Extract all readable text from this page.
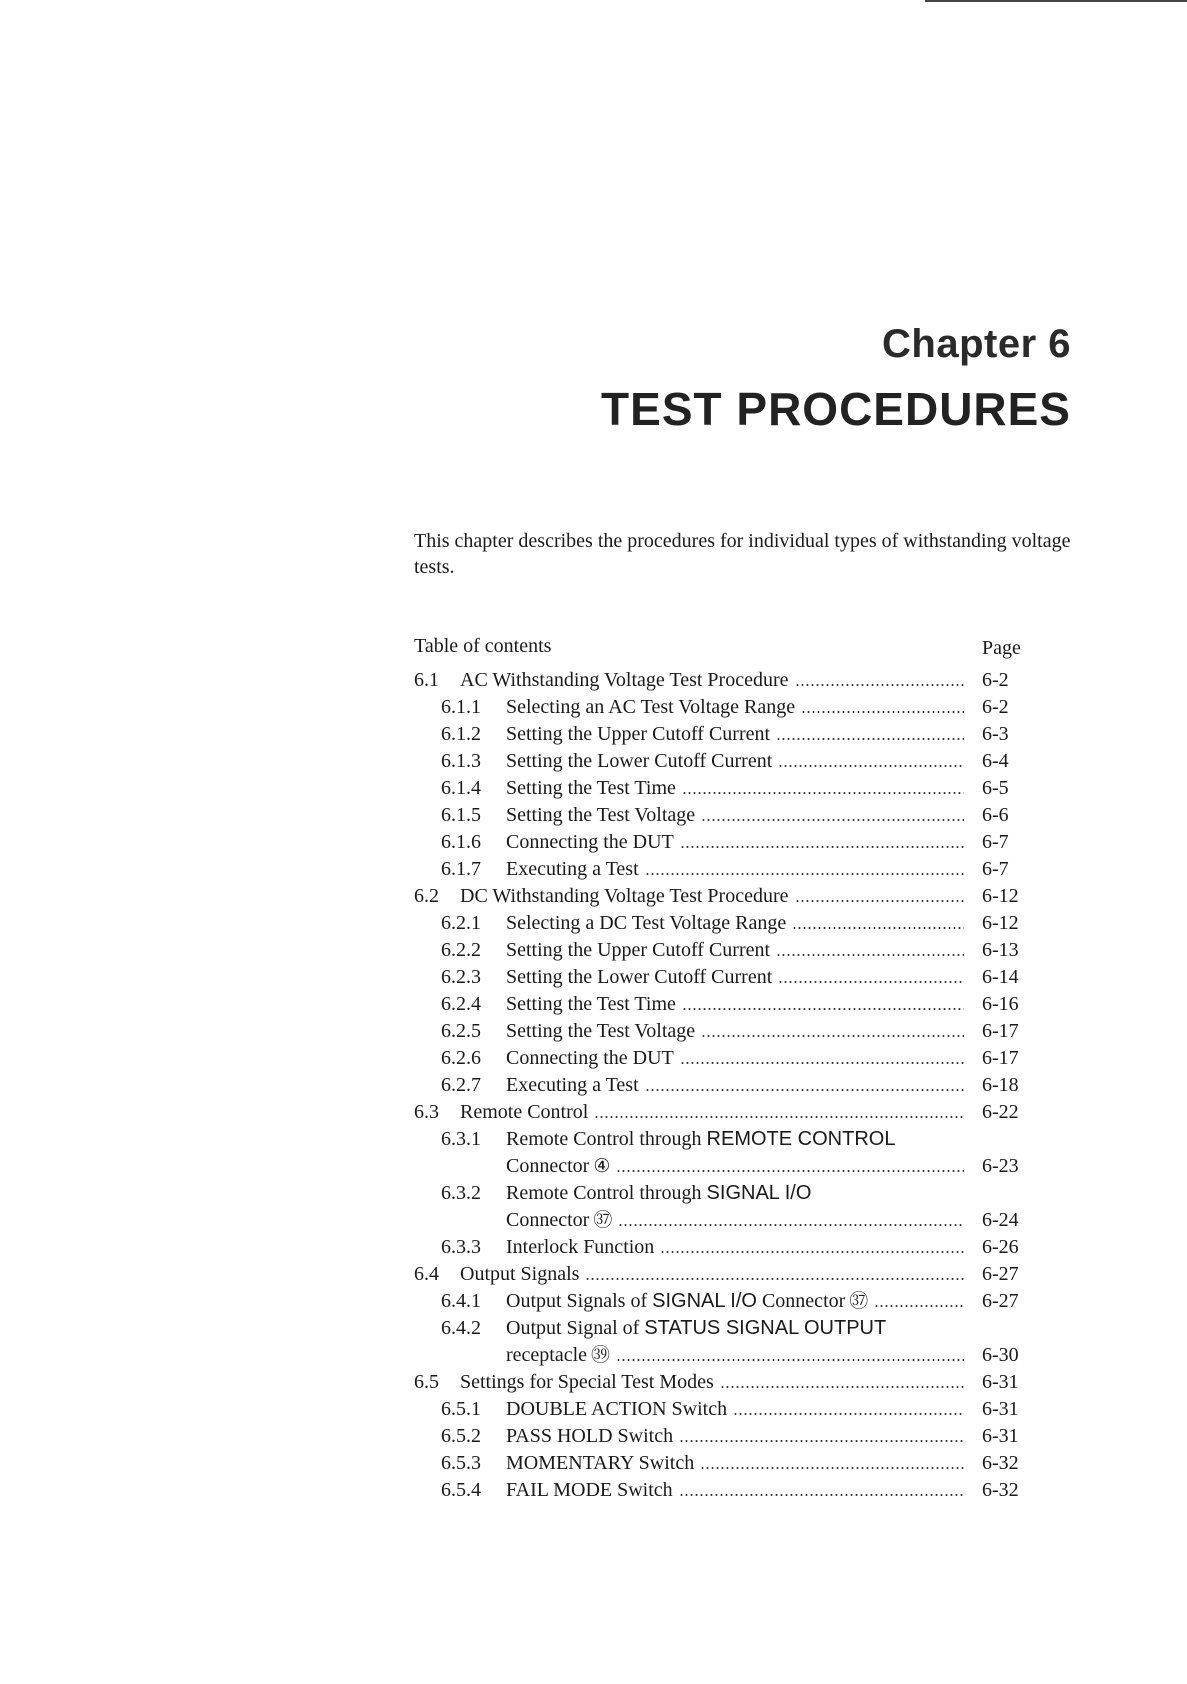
Chapter 6
TEST PROCEDURES

This chapter describes the procedures for individual types of withstanding voltage tests.

Table of contents	Page
6.1 AC Withstanding Voltage Test Procedure	6-2
6.1.1 Selecting an AC Test Voltage Range	6-2
6.1.2 Setting the Upper Cutoff Current	6-3
6.1.3 Setting the Lower Cutoff Current	6-4
6.1.4 Setting the Test Time	6-5
6.1.5 Setting the Test Voltage	6-6
6.1.6 Connecting the DUT	6-7
6.1.7 Executing a Test	6-7
6.2 DC Withstanding Voltage Test Procedure	6-12
6.2.1 Selecting a DC Test Voltage Range	6-12
6.2.2 Setting the Upper Cutoff Current	6-13
6.2.3 Setting the Lower Cutoff Current	6-14
6.2.4 Setting the Test Time	6-16
6.2.5 Setting the Test Voltage	6-17
6.2.6 Connecting the DUT	6-17
6.2.7 Executing a Test	6-18
6.3 Remote Control	6-22
6.3.1 Remote Control through REMOTE CONTROL
Connector ④	6-23
6.3.2 Remote Control through SIGNAL I/O
Connector ㊲	6-24
6.3.3 Interlock Function	6-26
6.4 Output Signals	6-27
6.4.1 Output Signals of SIGNAL I/O Connector ㊲	6-27
6.4.2 Output Signal of STATUS SIGNAL OUTPUT
receptacle ㊴	6-30
6.5 Settings for Special Test Modes	6-31
6.5.1 DOUBLE ACTION Switch	6-31
6.5.2 PASS HOLD Switch	6-31
6.5.3 MOMENTARY Switch	6-32
6.5.4 FAIL MODE Switch	6-32
